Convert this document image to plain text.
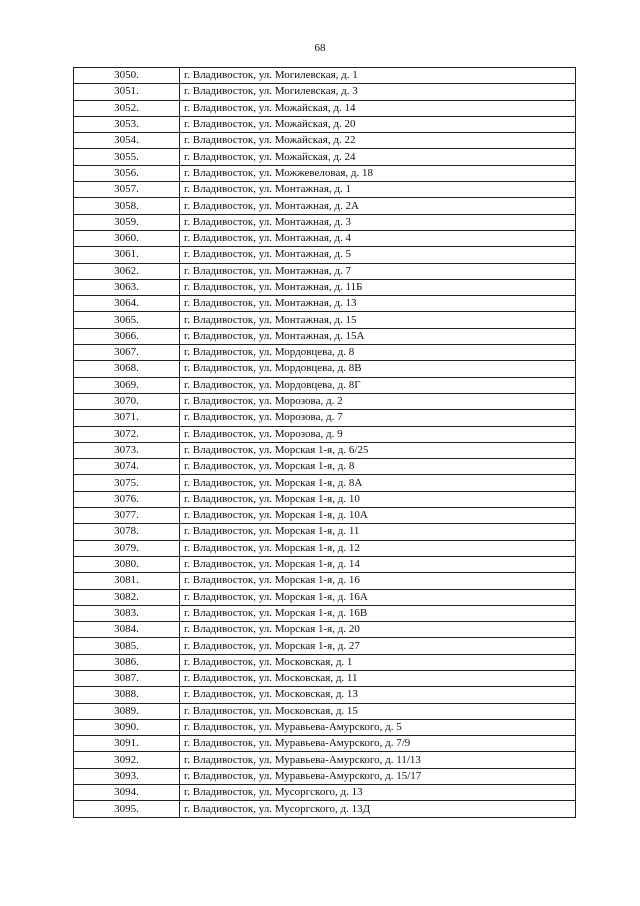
68
3050.	г. Владивосток, ул. Могилевская, д. 1
3051.	г. Владивосток, ул. Могилевская, д. 3
3052.	г. Владивосток, ул. Можайская, д. 14
3053.	г. Владивосток, ул. Можайская, д. 20
3054.	г. Владивосток, ул. Можайская, д. 22
3055.	г. Владивосток, ул. Можайская, д. 24
3056.	г. Владивосток, ул. Можжевеловая, д. 18
3057.	г. Владивосток, ул. Монтажная, д. 1
3058.	г. Владивосток, ул. Монтажная, д. 2А
3059.	г. Владивосток, ул. Монтажная, д. 3
3060.	г. Владивосток, ул. Монтажная, д. 4
3061.	г. Владивосток, ул. Монтажная, д. 5
3062.	г. Владивосток, ул. Монтажная, д. 7
3063.	г. Владивосток, ул. Монтажная, д. 11Б
3064.	г. Владивосток, ул. Монтажная, д. 13
3065.	г. Владивосток, ул. Монтажная, д. 15
3066.	г. Владивосток, ул. Монтажная, д. 15А
3067.	г. Владивосток, ул. Мордовцева, д. 8
3068.	г. Владивосток, ул. Мордовцева, д. 8В
3069.	г. Владивосток, ул. Мордовцева, д. 8Г
3070.	г. Владивосток, ул. Морозова, д. 2
3071.	г. Владивосток, ул. Морозова, д. 7
3072.	г. Владивосток, ул. Морозова, д. 9
3073.	г. Владивосток, ул. Морская 1-я, д. 6/25
3074.	г. Владивосток, ул. Морская 1-я, д. 8
3075.	г. Владивосток, ул. Морская 1-я, д. 8А
3076.	г. Владивосток, ул. Морская 1-я, д. 10
3077.	г. Владивосток, ул. Морская 1-я, д. 10А
3078.	г. Владивосток, ул. Морская 1-я, д. 11
3079.	г. Владивосток, ул. Морская 1-я, д. 12
3080.	г. Владивосток, ул. Морская 1-я, д. 14
3081.	г. Владивосток, ул. Морская 1-я, д. 16
3082.	г. Владивосток, ул. Морская 1-я, д. 16А
3083.	г. Владивосток, ул. Морская 1-я, д. 16В
3084.	г. Владивосток, ул. Морская 1-я, д. 20
3085.	г. Владивосток, ул. Морская 1-я, д. 27
3086.	г. Владивосток, ул. Московская, д. 1
3087.	г. Владивосток, ул. Московская, д. 11
3088.	г. Владивосток, ул. Московская, д. 13
3089.	г. Владивосток, ул. Московская, д. 15
3090.	г. Владивосток, ул. Муравьева-Амурского, д. 5
3091.	г. Владивосток, ул. Муравьева-Амурского, д. 7/9
3092.	г. Владивосток, ул. Муравьева-Амурского, д. 11/13
3093.	г. Владивосток, ул. Муравьева-Амурского, д. 15/17
3094.	г. Владивосток, ул. Мусоргского, д. 13
3095.	г. Владивосток, ул. Мусоргского, д. 13Д
